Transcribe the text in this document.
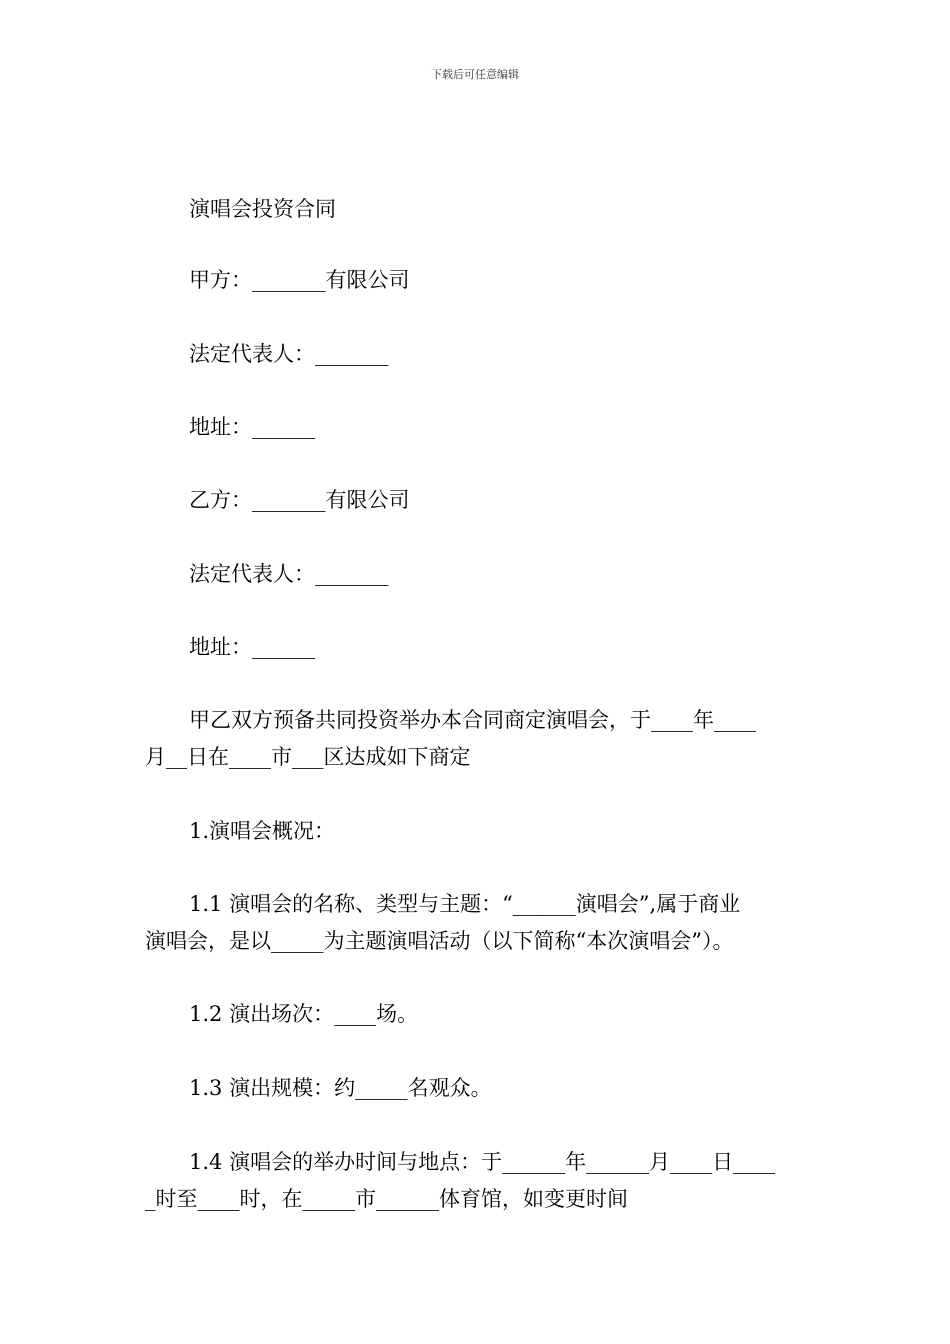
下载后可任意编辑
演唱会投资合同
甲方：_______有限公司
法定代表人：_______
地址：______
乙方：_______有限公司
法定代表人：_______
地址：______
甲乙双方预备共同投资举办本合同商定演唱会，于____年____
月__日在____市___区达成如下商定
1.演唱会概况：
1.1 演唱会的名称、类型与主题：“______演唱会”,属于商业
演唱会，是以_____为主题演唱活动（以下简称“本次演唱会”）。
1.2 演出场次：____场。
1.3 演出规模：约_____名观众。
1.4 演唱会的举办时间与地点：于______年______月____日____
_时至____时，在_____市______体育馆，如变更时间
